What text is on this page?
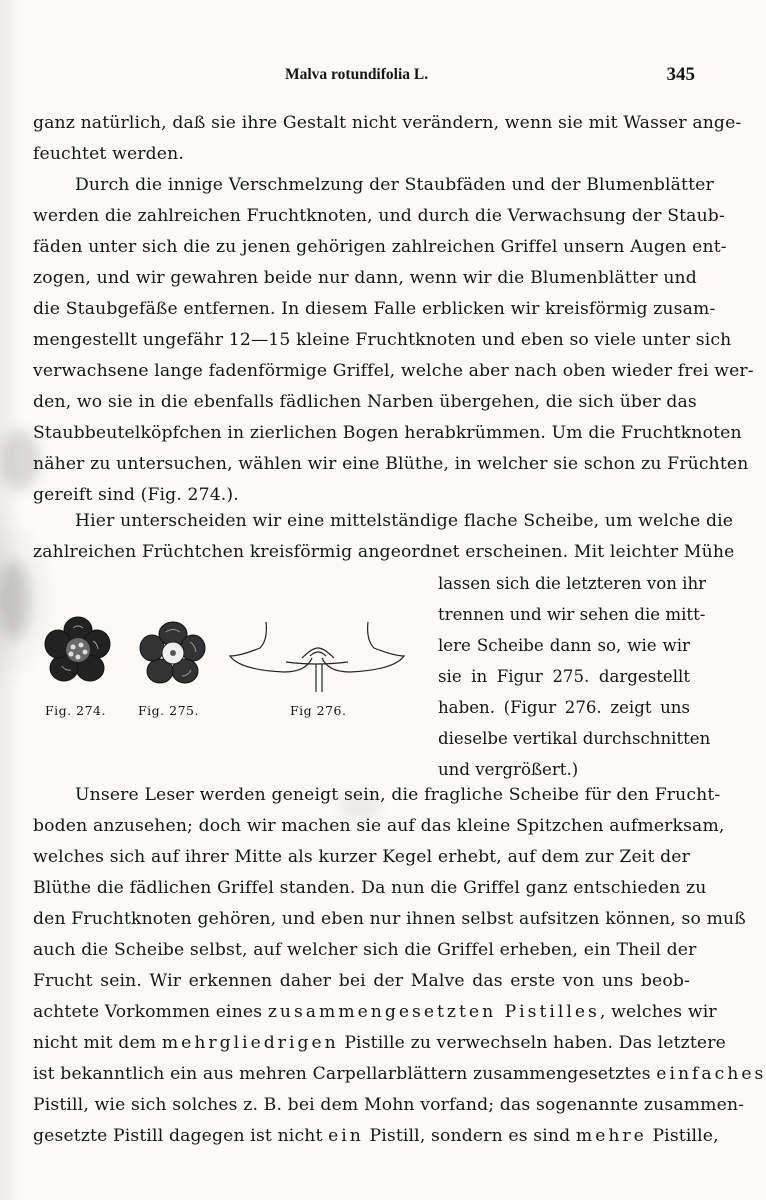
Malva rotundifolia L.	345
ganz natürlich, daß sie ihre Gestalt nicht verändern, wenn sie mit Wasser ange-
feuchtet werden.
Durch die innige Verschmelzung der Staubfäden und der Blumenblätter
werden die zahlreichen Fruchtknoten, und durch die Verwachsung der Staub-
fäden unter sich die zu jenen gehörigen zahlreichen Griffel unsern Augen ent-
zogen, und wir gewahren beide nur dann, wenn wir die Blumenblätter und
die Staubgefäße entfernen. In diesem Falle erblicken wir kreisförmig zusam-
mengestellt ungefähr 12—15 kleine Fruchtknoten und eben so viele unter sich
verwachsene lange fadenförmige Griffel, welche aber nach oben wieder frei wer-
den, wo sie in die ebenfalls fädlichen Narben übergehen, die sich über das
Staubbeutelköpfchen in zierlichen Bogen herabkrümmen. Um die Fruchtknoten
näher zu untersuchen, wählen wir eine Blüthe, in welcher sie schon zu Früchten
gereift sind (Fig. 274.).
Hier unterscheiden wir eine mittelständige flache Scheibe, um welche die
zahlreichen Früchtchen kreisförmig angeordnet erscheinen. Mit leichter Mühe
Fig. 274.	Fig. 275.	Fig 276.
lassen sich die letzteren von ihr
trennen und wir sehen die mitt-
lere Scheibe dann so, wie wir
sie in Figur 275. dargestellt
haben. (Figur 276. zeigt uns
dieselbe vertikal durchschnitten
und vergrößert.)
Unsere Leser werden geneigt sein, die fragliche Scheibe für den Frucht-
boden anzusehen; doch wir machen sie auf das kleine Spitzchen aufmerksam,
welches sich auf ihrer Mitte als kurzer Kegel erhebt, auf dem zur Zeit der
Blüthe die fädlichen Griffel standen. Da nun die Griffel ganz entschieden zu
den Fruchtknoten gehören, und eben nur ihnen selbst aufsitzen können, so muß
auch die Scheibe selbst, auf welcher sich die Griffel erheben, ein Theil der
Frucht sein. Wir erkennen daher bei der Malve das erste von uns beob-
achtete Vorkommen eines zusammengesetzten Pistilles, welches wir
nicht mit dem mehrgliedrigen Pistille zu verwechseln haben. Das letztere
ist bekanntlich ein aus mehren Carpellarblättern zusammengesetztes einfaches
Pistill, wie sich solches z. B. bei dem Mohn vorfand; das sogenannte zusammen-
gesetzte Pistill dagegen ist nicht ein Pistill, sondern es sind mehre Pistille,
